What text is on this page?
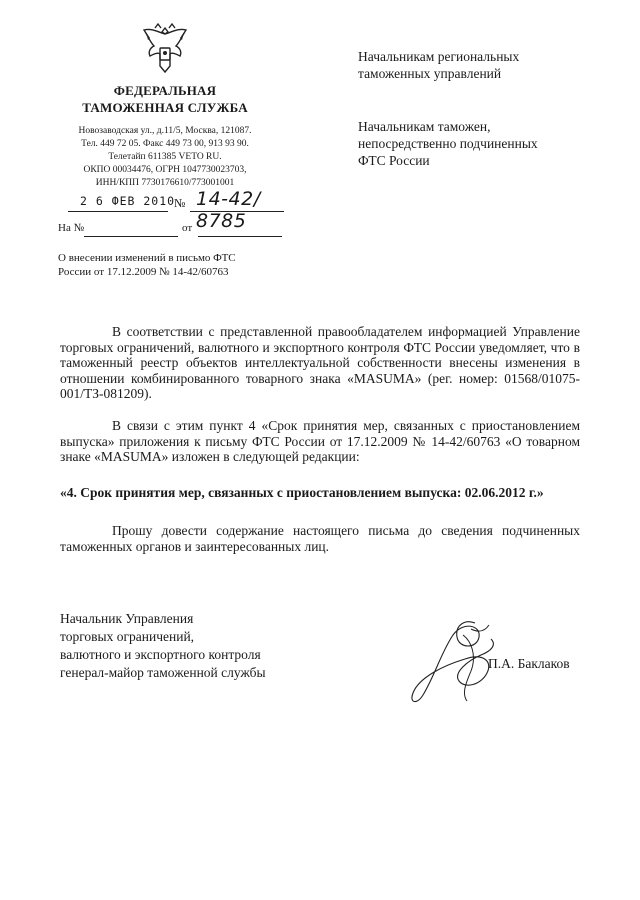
ФЕДЕРАЛЬНАЯ
ТАМОЖЕННАЯ СЛУЖБА
Новозаводская ул., д.11/5, Москва, 121087.
Тел. 449 72 05. Факс 449 73 00, 913 93 90.
Телетайп 611385 VETO RU.
ОКПО 00034476, ОГРН 1047730023703,
ИНН/КПП 7730176610/773001001
2 6 ФЕВ 2010
№ 14-42/ 8785
На №	от
О внесении изменений в письмо ФТС
России от 17.12.2009 № 14-42/60763
Начальникам региональных
таможенных управлений
Начальникам таможен,
непосредственно подчиненных
ФТС России
В соответствии с представленной правообладателем информацией Управление торговых ограничений, валютного и экспортного контроля ФТС России уведомляет, что в таможенный реестр объектов интеллектуальной собственности внесены изменения в отношении комбинированного товарного знака «MASUMA» (рег. номер: 01568/01075-001/ТЗ-081209).
В связи с этим пункт 4 «Срок принятия мер, связанных с приостановлением выпуска» приложения к письму ФТС России от 17.12.2009 № 14-42/60763 «О товарном знаке «MASUMA» изложен в следующей редакции:
«4. Срок принятия мер, связанных с приостановлением выпуска: 02.06.2012 г.»
Прошу довести содержание настоящего письма до сведения подчиненных таможенных органов и заинтересованных лиц.
Начальник Управления
торговых ограничений,
валютного и экспортного контроля
генерал-майор таможенной службы
П.А. Баклаков
